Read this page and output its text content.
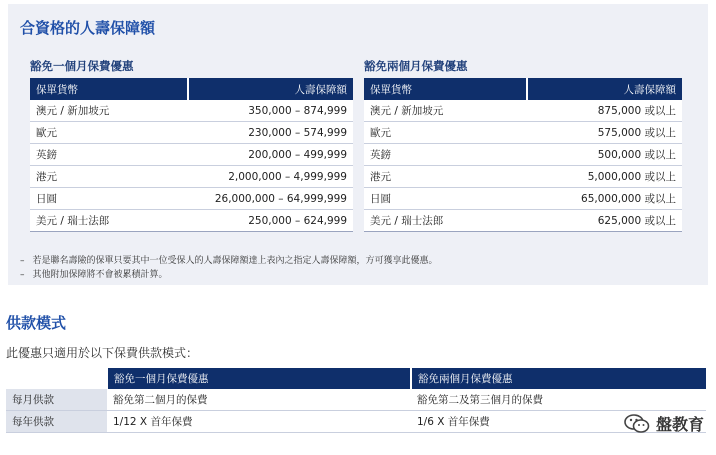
合資格的人壽保障額

豁免一個月保費優惠

保單貨幣	人壽保障額
澳元 / 新加坡元	350,000 – 874,999
歐元	230,000 – 574,999
英鎊	200,000 – 499,999
港元	2,000,000 – 4,999,999
日圓	26,000,000 – 64,999,999
美元 / 瑞士法郎	250,000 – 624,999

豁免兩個月保費優惠

保單貨幣	人壽保障額
澳元 / 新加坡元	875,000 或以上
歐元	575,000 或以上
英鎊	500,000 或以上
港元	5,000,000 或以上
日圓	65,000,000 或以上
美元 / 瑞士法郎	625,000 或以上
– 若是聯名壽險的保單只要其中一位受保人的人壽保障額達上表內之指定人壽保障額，方可獲享此優惠。
– 其他附加保障將不會被累積計算。
供款模式

此優惠只適用於以下保費供款模式：

	豁免一個月保費優惠	豁免兩個月保費優惠
每月供款	豁免第二個月的保費	豁免第二及第三個月的保費
每年供款	1/12 X 首年保費	1/6 X 首年保費	盤教育
